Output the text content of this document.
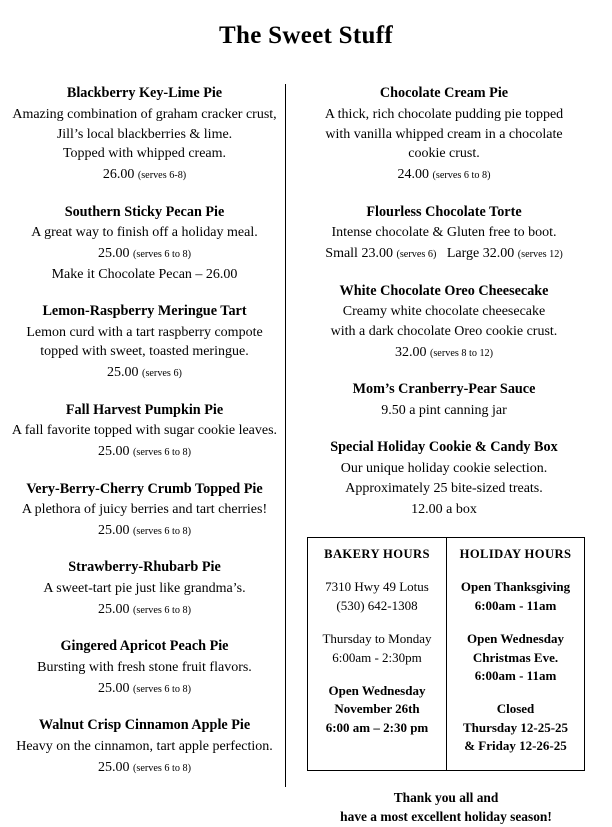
The Sweet Stuff
Blackberry Key-Lime Pie
Amazing combination of graham cracker crust,
Jill’s local blackberries & lime.
Topped with whipped cream.
26.00 (serves 6-8)
Southern Sticky Pecan Pie
A great way to finish off a holiday meal.
25.00 (serves 6 to 8)
Make it Chocolate Pecan – 26.00
Lemon-Raspberry Meringue Tart
Lemon curd with a tart raspberry compote
topped with sweet, toasted meringue.
25.00 (serves 6)
Fall Harvest Pumpkin Pie
A fall favorite topped with sugar cookie leaves.
25.00 (serves 6 to 8)
Very-Berry-Cherry Crumb Topped Pie
A plethora of juicy berries and tart cherries!
25.00 (serves 6 to 8)
Strawberry-Rhubarb Pie
A sweet-tart pie just like grandma’s.
25.00 (serves 6 to 8)
Gingered Apricot Peach Pie
Bursting with fresh stone fruit flavors.
25.00 (serves 6 to 8)
Walnut Crisp Cinnamon Apple Pie
Heavy on the cinnamon, tart apple perfection.
25.00 (serves 6 to 8)
Chocolate Cream Pie
A thick, rich chocolate pudding pie topped
with vanilla whipped cream in a chocolate
cookie crust.
24.00 (serves 6 to 8)
Flourless Chocolate Torte
Intense chocolate & Gluten free to boot.
Small 23.00 (serves 6) Large 32.00 (serves 12)
White Chocolate Oreo Cheesecake
Creamy white chocolate cheesecake
with a dark chocolate Oreo cookie crust.
32.00 (serves 8 to 12)
Mom’s Cranberry-Pear Sauce
9.50 a pint canning jar
Special Holiday Cookie & Candy Box
Our unique holiday cookie selection.
Approximately 25 bite-sized treats.
12.00 a box
BAKERY HOURS
7310 Hwy 49 Lotus
(530) 642-1308
Thursday to Monday
6:00am - 2:30pm
Open Wednesday
November 26th
6:00 am – 2:30 pm
HOLIDAY HOURS
Open Thanksgiving
6:00am - 11am
Open Wednesday
Christmas Eve.
6:00am - 11am
Closed
Thursday 12-25-25
& Friday 12-26-25
Thank you all and
have a most excellent holiday season!
